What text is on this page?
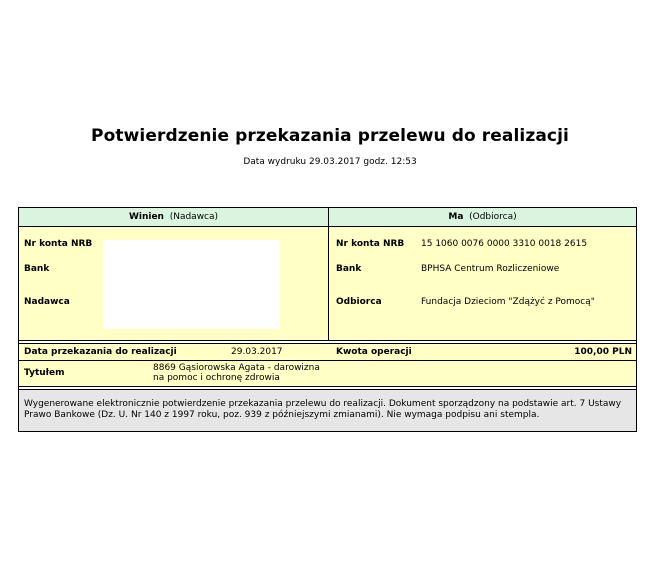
Potwierdzenie przekazania przelewu do realizacji
Data wydruku 29.03.2017 godz. 12:53
Winien (Nadawca)	Ma (Odbiorca)
Nr konta NRB
Bank
Nadawca
Nr konta NRB 15 1060 0076 0000 3310 0018 2615
Bank	BPHSA Centrum Rozliczeniowe
Odbiorca	Fundacja Dzieciom "Zdążyć z Pomocą"
Data przekazania do realizacji	29.03.2017	Kwota operacji	100,00 PLN
Tytułem	8869 Gąsiorowska Agata - darowizna
na pomoc i ochronę zdrowia
Wygenerowane elektronicznie potwierdzenie przekazania przelewu do realizacji. Dokument sporządzony na podstawie art. 7 Ustawy Prawo Bankowe (Dz. U. Nr 140 z 1997 roku, poz. 939 z późniejszymi zmianami). Nie wymaga podpisu ani stempla.
